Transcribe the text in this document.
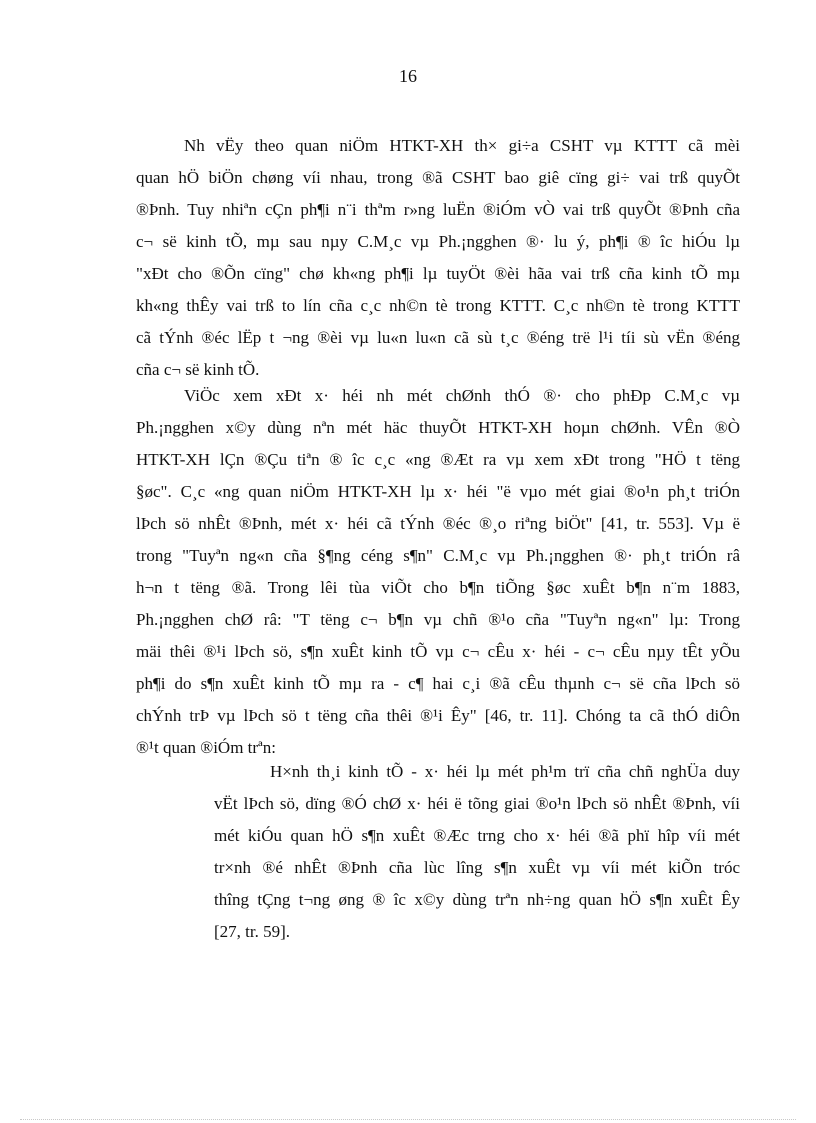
16
Nh vËy theo quan niÖm HTKT-XH th× gi÷a CSHT vµ KTTT cã mèi
quan hÖ biÖn chøng víi nhau, trong ®ã CSHT bao giê cïng gi÷ vai trß quyÕt
®Þnh. Tuy nhiªn cÇn ph¶i n¨i thªm r»ng luËn ®iÓm vÒ vai trß quyÕt ®Þnh cña
c¬ së kinh tÕ, mµ sau nµy C.M¸c vµ Ph.¡ngghen ®· lu ý, ph¶i ® îc hiÓu lµ
"xÐt cho ®Õn cïng" chø kh«ng ph¶i lµ tuyÖt ®èi hãa vai trß cña kinh tÕ mµ
kh«ng thÊy vai trß to lín cña c¸c nh©n tè trong KTTT. C¸c nh©n tè trong KTTT
cã tÝnh ®éc lËp t ¬ng ®èi vµ lu«n lu«n cã sù t¸c ®éng trë l¹i tíi sù vËn ®éng
cña c¬ së kinh tÕ.
ViÖc xem xÐt x· héi nh mét chØnh thÓ ®· cho phÐp C.M¸c vµ
Ph.¡ngghen x©y dùng nªn mét häc thuyÕt HTKT-XH hoµn chØnh. VÊn ®Ò
HTKT-XH lÇn ®Çu tiªn ® îc c¸c «ng ®Æt ra vµ xem xÐt trong "HÖ t tëng
§øc". C¸c «ng quan niÖm HTKT-XH lµ x· héi "ë vµo mét giai ®o¹n ph¸t triÓn
lÞch sö nhÊt ®Þnh, mét x· héi cã tÝnh ®éc ®¸o riªng biÖt" [41, tr. 553]. Vµ ë
trong "Tuyªn ng«n cña §¶ng céng s¶n" C.M¸c vµ Ph.¡ngghen ®· ph¸t triÓn râ
h¬n t tëng ®ã. Trong lêi tùa viÕt cho b¶n tiÕng §øc xuÊt b¶n n¨m 1883,
Ph.¡ngghen chØ râ: "T tëng c¬ b¶n vµ chñ ®¹o cña "Tuyªn ng«n" lµ: Trong
mäi thêi ®¹i lÞch sö, s¶n xuÊt kinh tÕ vµ c¬ cÊu x· héi - c¬ cÊu nµy tÊt yÕu
ph¶i do s¶n xuÊt kinh tÕ mµ ra - c¶ hai c¸i ®ã cÊu thµnh c¬ së cña lÞch sö
chÝnh trÞ vµ lÞch sö t tëng cña thêi ®¹i Êy" [46, tr. 11]. Chóng ta cã thÓ diÔn
®¹t quan ®iÓm trªn:
H×nh th¸i kinh tÕ - x· héi lµ mét ph¹m trï cña chñ nghÜa duy
vËt lÞch sö, dïng ®Ó chØ x· héi ë tõng giai ®o¹n lÞch sö nhÊt ®Þnh, víi
mét kiÓu quan hÖ s¶n xuÊt ®Æc trng cho x· héi ®ã phï hîp víi mét
tr×nh ®é nhÊt ®Þnh cña lùc lîng s¶n xuÊt vµ víi mét kiÕn tróc
thîng tÇng t¬ng øng ® îc x©y dùng trªn nh÷ng quan hÖ s¶n xuÊt Êy
[27, tr. 59].
